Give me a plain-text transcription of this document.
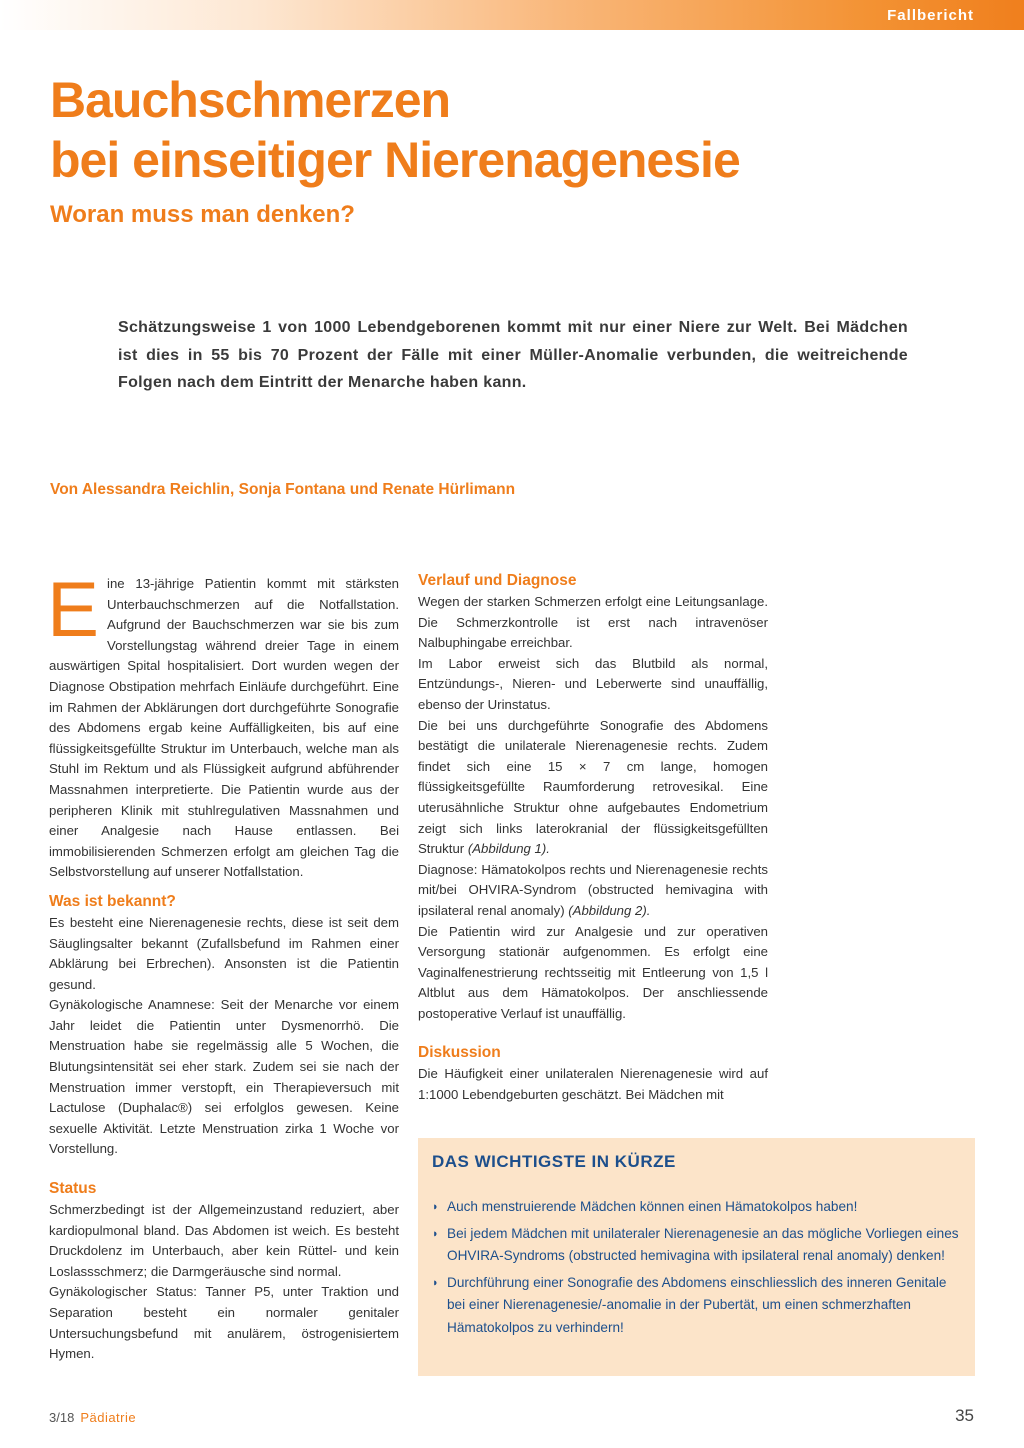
Fallbericht
Bauchschmerzen
bei einseitiger Nierenagenesie
Woran muss man denken?

Schätzungsweise 1 von 1000 Lebendgeborenen kommt mit nur einer Niere zur Welt. Bei Mädchen ist dies in 55 bis 70 Prozent der Fälle mit einer Müller-Anomalie verbunden, die weitreichende Folgen nach dem Eintritt der Menarche haben kann.

Von Alessandra Reichlin, Sonja Fontana und Renate Hürlimann

Eine 13-jährige Patientin kommt mit stärksten Unterbauchschmerzen auf die Notfallstation. Aufgrund der Bauchschmerzen war sie bis zum Vorstellungstag während dreier Tage in einem auswärtigen Spital hospitalisiert. Dort wurden wegen der Diagnose Obstipation mehrfach Einläufe durchgeführt. Eine im Rahmen der Abklärungen dort durchgeführte Sonografie des Abdomens ergab keine Auffälligkeiten, bis auf eine flüssigkeitsgefüllte Struktur im Unterbauch, welche man als Stuhl im Rektum und als Flüssigkeit aufgrund abführender Massnahmen interpretierte. Die Patientin wurde aus der peripheren Klinik mit stuhlregulativen Massnahmen und einer Analgesie nach Hause entlassen. Bei immobilisierenden Schmerzen erfolgt am gleichen Tag die Selbstvorstellung auf unserer Notfallstation.

Was ist bekannt?

Es besteht eine Nierenagenesie rechts, diese ist seit dem Säuglingsalter bekannt (Zufallsbefund im Rahmen einer Abklärung bei Erbrechen). Ansonsten ist die Patientin gesund.

Gynäkologische Anamnese: Seit der Menarche vor einem Jahr leidet die Patientin unter Dysmenorrhö. Die Menstruation habe sie regelmässig alle 5 Wochen, die Blutungsintensität sei eher stark. Zudem sei sie nach der Menstruation immer verstopft, ein Therapieversuch mit Lactulose (Duphalac®) sei erfolglos gewesen. Keine sexuelle Aktivität. Letzte Menstruation zirka 1 Woche vor Vorstellung.

Status

Schmerzbedingt ist der Allgemeinzustand reduziert, aber kardiopulmonal bland. Das Abdomen ist weich. Es besteht Druckdolenz im Unterbauch, aber kein Rüttel- und kein Loslassschmerz; die Darmgeräusche sind normal.

Gynäkologischer Status: Tanner P5, unter Traktion und Separation besteht ein normaler genitaler Untersuchungsbefund mit anulärem, östrogenisiertem Hymen.

Verlauf und Diagnose

Wegen der starken Schmerzen erfolgt eine Leitungsanlage. Die Schmerzkontrolle ist erst nach intravenöser Nalbuphingabe erreichbar.

Im Labor erweist sich das Blutbild als normal, Entzündungs-, Nieren- und Leberwerte sind unauffällig, ebenso der Urinstatus.

Die bei uns durchgeführte Sonografie des Abdomens bestätigt die unilaterale Nierenagenesie rechts. Zudem findet sich eine 15 × 7 cm lange, homogen flüssigkeitsgefüllte Raumforderung retrovesikal. Eine uterusähnliche Struktur ohne aufgebautes Endometrium zeigt sich links laterokranial der flüssigkeitsgefüllten Struktur (Abbildung 1).

Diagnose: Hämatokolpos rechts und Nierenagenesie rechts mit/bei OHVIRA-Syndrom (obstructed hemivagina with ipsilateral renal anomaly) (Abbildung 2).

Die Patientin wird zur Analgesie und zur operativen Versorgung stationär aufgenommen. Es erfolgt eine Vaginalfenestrierung rechtsseitig mit Entleerung von 1,5 l Altblut aus dem Hämatokolpos. Der anschliessende postoperative Verlauf ist unauffällig.

Diskussion

Die Häufigkeit einer unilateralen Nierenagenesie wird auf 1:1000 Lebendgeburten geschätzt. Bei Mädchen mit

DAS WICHTIGSTE IN KÜRZE
◗ Auch menstruierende Mädchen können einen Hämatokolpos haben!
◗ Bei jedem Mädchen mit unilateraler Nierenagenesie an das mögliche Vorliegen eines OHVIRA-Syndroms (obstructed hemivagina with ipsilateral renal anomaly) denken!
◗ Durchführung einer Sonografie des Abdomens einschliesslich des inneren Genitale bei einer Nierenagenesie/-anomalie in der Pubertät, um einen schmerzhaften Hämatokolpos zu verhindern!
3/18 Pädiatrie	35
